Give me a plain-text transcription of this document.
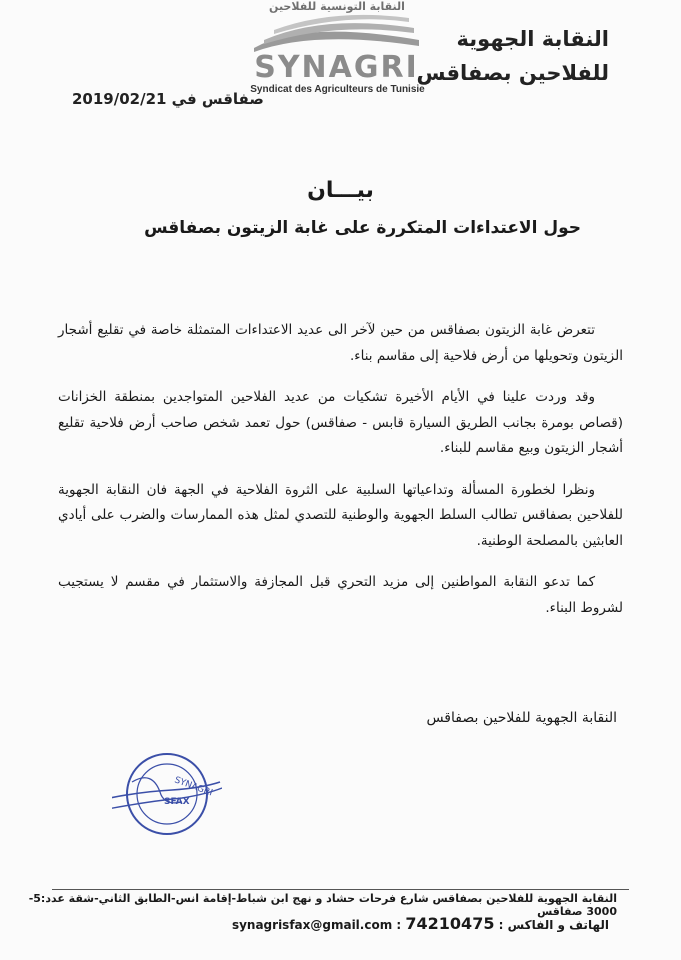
النقابة التونسية للفلاحين
SYNAGRI
Syndicat des Agriculteurs de Tunisie
النقابة الجهوية
للفلاحين بصفاقس
صفاقس في 2019/02/21
بيـــان
حول الاعتداءات المتكررة على غابة الزيتون بصفاقس

تتعرض غابة الزيتون بصفاقس من حين لآخر الى عديد الاعتداءات المتمثلة خاصة في تقليع أشجار الزيتون وتحويلها من أرض فلاحية إلى مقاسم بناء.

وقد وردت علينا في الأيام الأخيرة تشكيات من عديد الفلاحين المتواجدين بمنطقة الخزانات (قصاص بومرة بجانب الطريق السيارة قابس - صفاقس) حول تعمد شخص صاحب أرض فلاحية تقليع أشجار الزيتون وبيع مقاسم للبناء.

ونظرا لخطورة المسألة وتداعياتها السلبية على الثروة الفلاحية في الجهة فان النقابة الجهوية للفلاحين بصفاقس تطالب السلط الجهوية والوطنية للتصدي لمثل هذه الممارسات والضرب على أيادي العابثين بالمصلحة الوطنية.

كما تدعو النقابة المواطنين إلى مزيد التحري قبل المجازفة والاستثمار في مقسم لا يستجيب لشروط البناء.

النقابة الجهوية للفلاحين بصفاقس
SYNAGRI
SFAX
النقابة الجهوية للفلاحين بصفاقس شارع فرحات حشاد و نهج ابن شباط-إقامة انس-الطابق الثاني-شقة عدد:5-3000 صفاقس
الهاتف و الفاكس : 74210475 synagrisfax@gmail.com :
